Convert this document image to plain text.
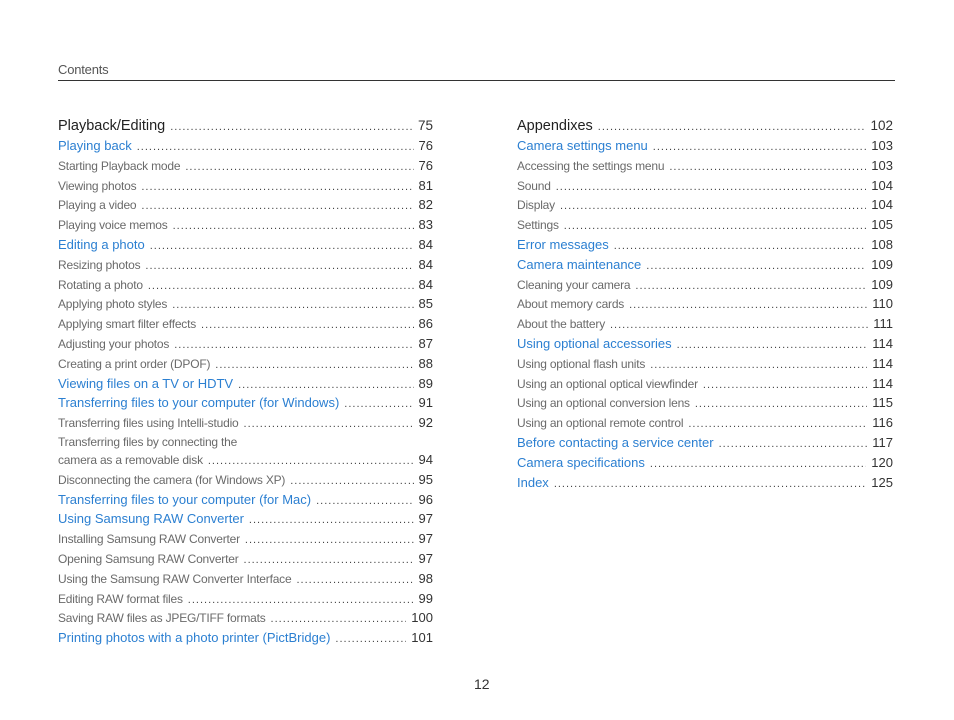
Contents
Playback/Editing .....	75
Playing back .....	76
Starting Playback mode .....	76
Viewing photos .....	81
Playing a video .....	82
Playing voice memos .....	83
Editing a photo .....	84
Resizing photos .....	84
Rotating a photo .....	84
Applying photo styles .....	85
Applying smart filter effects .....	86
Adjusting your photos .....	87
Creating a print order (DPOF) .....	88
Viewing files on a TV or HDTV .....	89
Transferring files to your computer (for Windows) .....	91
Transferring files using Intelli-studio .....	92
Transferring files by connecting the
camera as a removable disk .....	94
Disconnecting the camera (for Windows XP) .....	95
Transferring files to your computer (for Mac) .....	96
Using Samsung RAW Converter .....	97
Installing Samsung RAW Converter .....	97
Opening Samsung RAW Converter .....	97
Using the Samsung RAW Converter Interface .....	98
Editing RAW format files .....	99
Saving RAW files as JPEG/TIFF formats .....	100
Printing photos with a photo printer (PictBridge) .....	101
Appendixes .....	102
Camera settings menu .....	103
Accessing the settings menu .....	103
Sound .....	104
Display .....	104
Settings .....	105
Error messages .....	108
Camera maintenance .....	109
Cleaning your camera .....	109
About memory cards .....	110
About the battery .....	111
Using optional accessories .....	114
Using optional flash units .....	114
Using an optional optical viewfinder .....	114
Using an optional conversion lens .....	115
Using an optional remote control .....	116
Before contacting a service center .....	117
Camera specifications .....	120
Index .....	125
12
